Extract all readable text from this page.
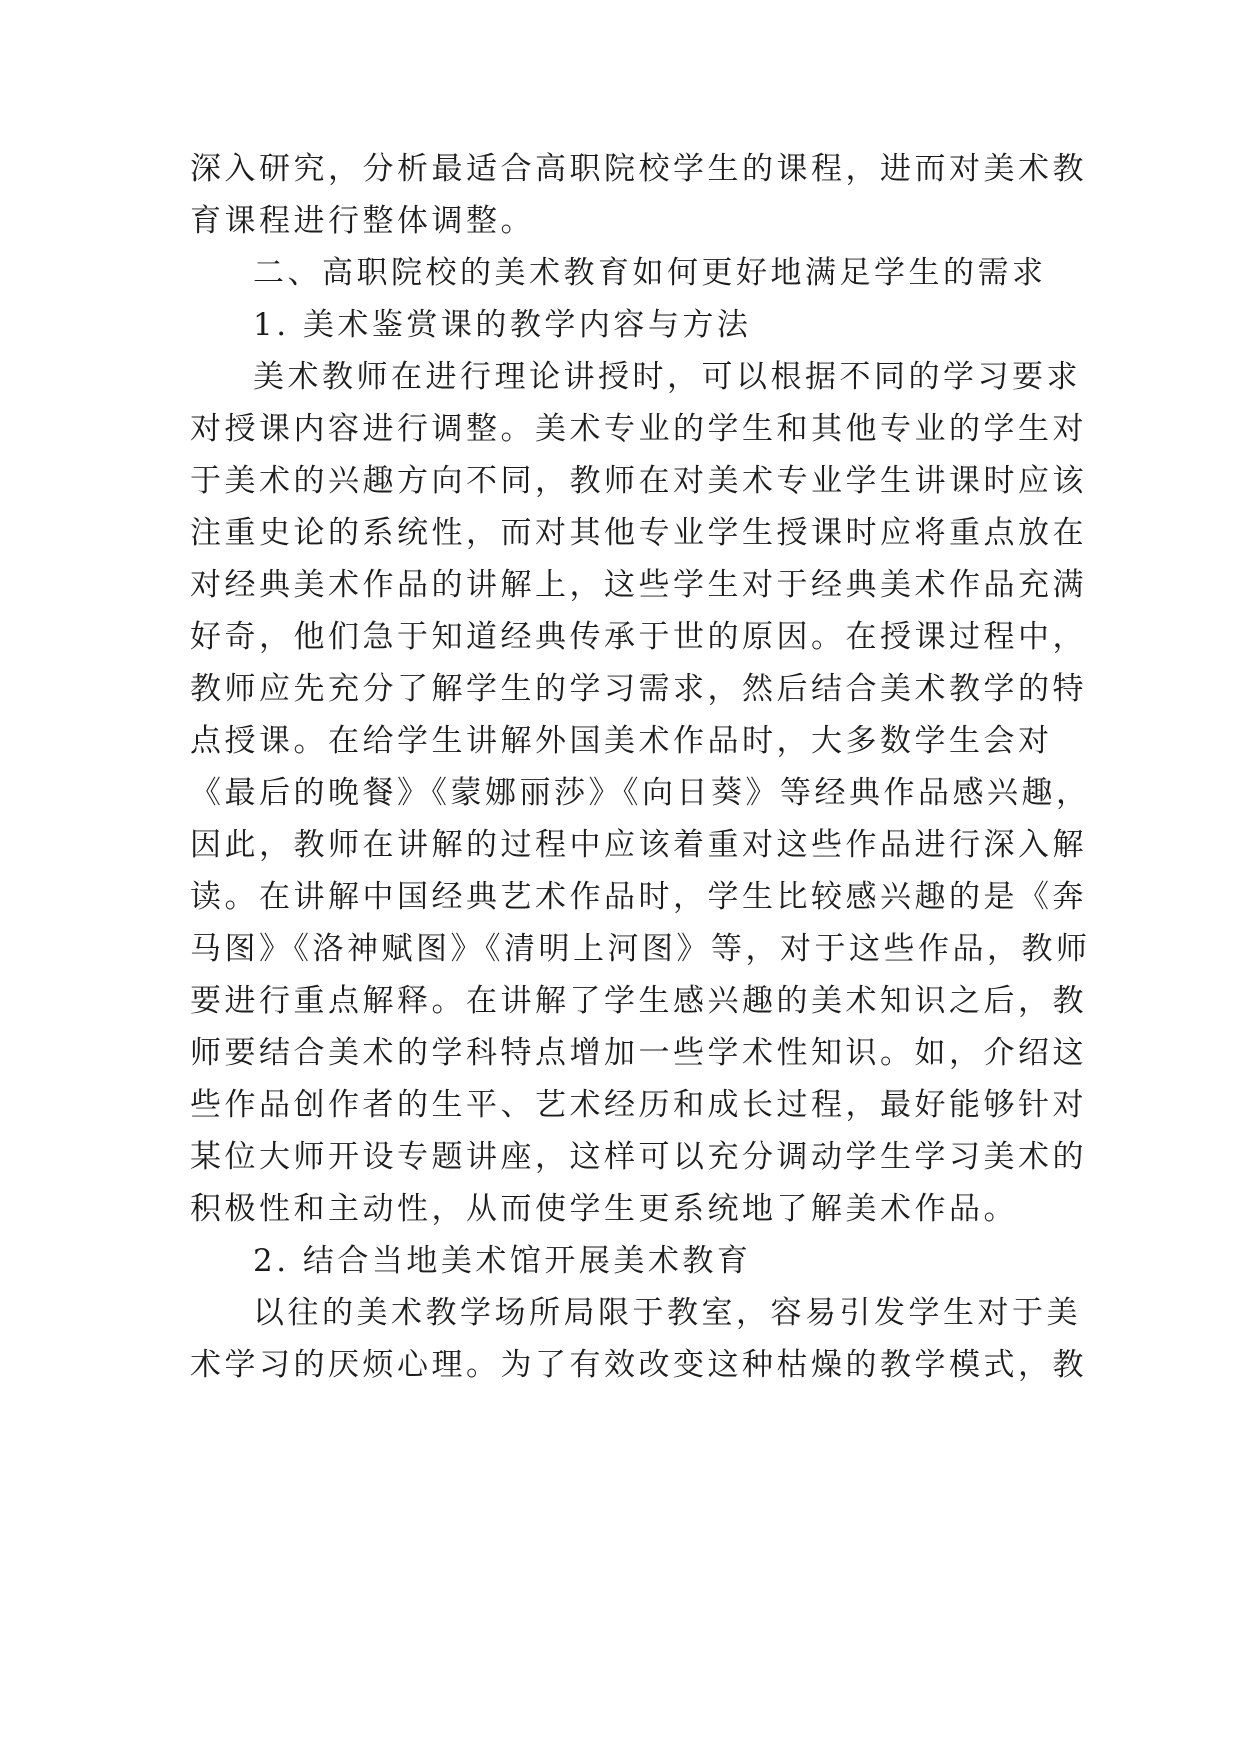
深入研究，分析最适合高职院校学生的课程，进而对美术教

育课程进行整体调整。

二、高职院校的美术教育如何更好地满足学生的需求

1. 美术鉴赏课的教学内容与方法

美术教师在进行理论讲授时，可以根据不同的学习要求

对授课内容进行调整。美术专业的学生和其他专业的学生对

于美术的兴趣方向不同，教师在对美术专业学生讲课时应该

注重史论的系统性，而对其他专业学生授课时应将重点放在

对经典美术作品的讲解上，这些学生对于经典美术作品充满

好奇，他们急于知道经典传承于世的原因。在授课过程中，

教师应先充分了解学生的学习需求，然后结合美术教学的特

点授课。在给学生讲解外国美术作品时，大多数学生会对

《最后的晚餐》《蒙娜丽莎》《向日葵》等经典作品感兴趣，

因此，教师在讲解的过程中应该着重对这些作品进行深入解

读。在讲解中国经典艺术作品时，学生比较感兴趣的是《奔

马图》《洛神赋图》《清明上河图》等，对于这些作品，教师

要进行重点解释。在讲解了学生感兴趣的美术知识之后，教

师要结合美术的学科特点增加一些学术性知识。如，介绍这

些作品创作者的生平、艺术经历和成长过程，最好能够针对

某位大师开设专题讲座，这样可以充分调动学生学习美术的

积极性和主动性，从而使学生更系统地了解美术作品。

2. 结合当地美术馆开展美术教育

以往的美术教学场所局限于教室，容易引发学生对于美

术学习的厌烦心理。为了有效改变这种枯燥的教学模式，教
